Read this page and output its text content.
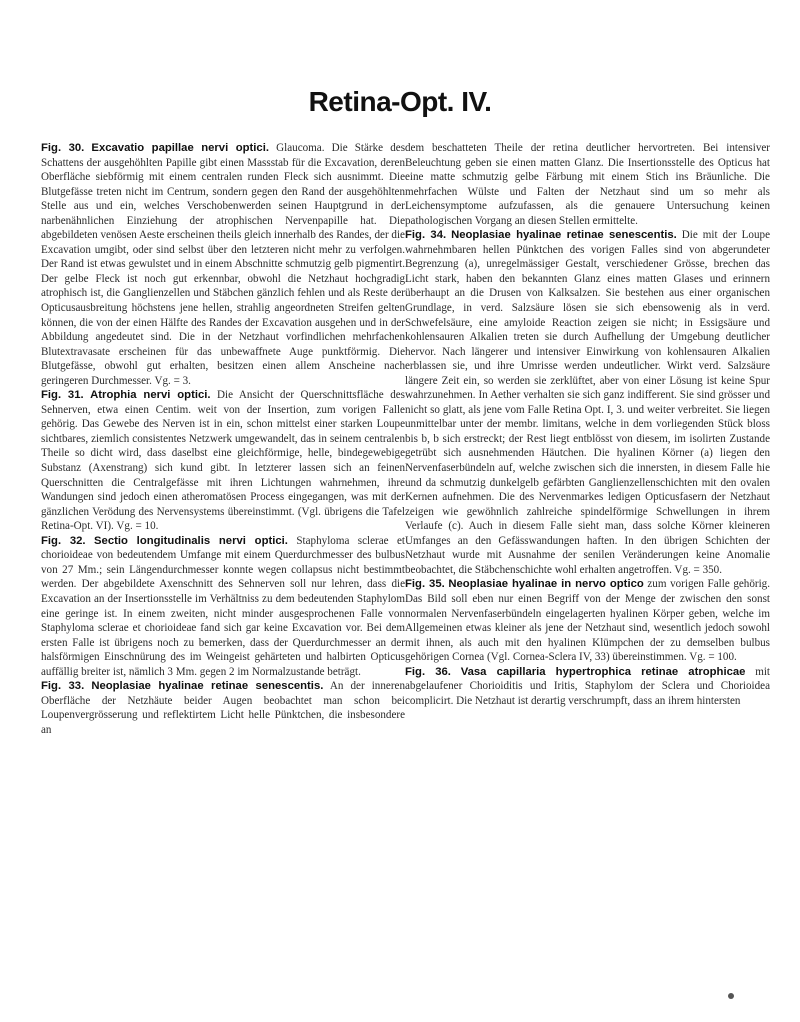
Retina-Opt. IV.

Fig. 30. Excavatio papillae nervi optici. Glaucoma. Die Stärke des Schattens der ausgehöhlten Papille gibt einen Massstab für die Excavation, deren Oberfläche siebförmig mit einem centralen runden Fleck sich ausnimmt. Die Blutgefässe treten nicht im Centrum, sondern gegen den Rand der ausgehöhlten Stelle aus und ein, welches Verschobenwerden seinen Hauptgrund in der narbenähnlichen Einziehung der atrophischen Nervenpapille hat. Die abgebildeten venösen Aeste erscheinen theils gleich innerhalb des Randes, der die Excavation umgibt, oder sind selbst über den letzteren nicht mehr zu verfolgen. Der Rand ist etwas gewulstet und in einem Abschnitte schmutzig gelb pigmentirt. Der gelbe Fleck ist noch gut erkennbar, obwohl die Netzhaut hochgradig atrophisch ist, die Ganglienzellen und Stäbchen gänzlich fehlen und als Reste der Opticusausbreitung höchstens jene hellen, strahlig angeordneten Streifen gelten können, die von der einen Hälfte des Randes der Excavation ausgehen und in der Abbildung angedeutet sind. Die in der Netzhaut vorfindlichen mehrfachen Blutextravasate erscheinen für das unbewaffnete Auge punktförmig. Die Blutgefässe, obwohl gut erhalten, besitzen einen allem Anscheine nach geringeren Durchmesser. Vg. = 3.

Fig. 31. Atrophia nervi optici. Die Ansicht der Querschnittsfläche des Sehnerven, etwa einen Centim. weit von der Insertion, zum vorigen Falle gehörig. Das Gewebe des Nerven ist in ein, schon mittelst einer starken Loupe sichtbares, ziemlich consistentes Netzwerk umgewandelt, das in seinem centralen Theile so dicht wird, dass daselbst eine gleichförmige, helle, bindegewebige Substanz (Axenstrang) sich kund gibt. In letzterer lassen sich an feinen Querschnitten die Centralgefässe mit ihren Lichtungen wahrnehmen, ihre Wandungen sind jedoch einen atheromatösen Process eingegangen, was mit der gänzlichen Verödung des Nervensystems übereinstimmt. (Vgl. übrigens die Tafel Retina-Opt. VI). Vg. = 10.

Fig. 32. Sectio longitudinalis nervi optici. Staphyloma sclerae et chorioideae von bedeutendem Umfange mit einem Querdurchmesser des bulbus von 27 Mm.; sein Längendurchmesser konnte wegen collapsus nicht bestimmt werden. Der abgebildete Axenschnitt des Sehnerven soll nur lehren, dass die Excavation an der Insertionsstelle im Verhältniss zu dem bedeutenden Staphylom eine geringe ist. In einem zweiten, nicht minder ausgesprochenen Falle von Staphyloma sclerae et chorioideae fand sich gar keine Excavation vor. Bei dem ersten Falle ist übrigens noch zu bemerken, dass der Querdurchmesser an der halsförmigen Einschnürung des im Weingeist gehärteten und halbirten Opticus auffällig breiter ist, nämlich 3 Mm. gegen 2 im Normalzustande beträgt.

Fig. 33. Neoplasiae hyalinae retinae senescentis. An der inneren Oberfläche der Netzhäute beider Augen beobachtet man schon bei Loupenvergrösserung und reflektirtem Licht helle Pünktchen, die insbesondere an

dem beschatteten Theile der retina deutlicher hervortreten. Bei intensiver Beleuchtung geben sie einen matten Glanz. Die Insertionsstelle des Opticus hat eine matte schmutzig gelbe Färbung mit einem Stich ins Bräunliche. Die mehrfachen Wülste und Falten der Netzhaut sind um so mehr als Leichensymptome aufzufassen, als die genauere Untersuchung keinen pathologischen Vorgang an diesen Stellen ermittelte.

Fig. 34. Neoplasiae hyalinae retinae senescentis. Die mit der Loupe wahrnehmbaren hellen Pünktchen des vorigen Falles sind von abgerundeter Begrenzung (a), unregelmässiger Gestalt, verschiedener Grösse, brechen das Licht stark, haben den bekannten Glanz eines matten Glases und erinnern überhaupt an die Drusen von Kalksalzen. Sie bestehen aus einer organischen Grundlage, in verd. Salzsäure lösen sie sich ebensowenig als in verd. Schwefelsäure, eine amyloide Reaction zeigen sie nicht; in Essigsäure und kohlensauren Alkalien treten sie durch Aufhellung der Umgebung deutlicher hervor. Nach längerer und intensiver Einwirkung von kohlensauren Alkalien erblassen sie, und ihre Umrisse werden undeutlicher. Wirkt verd. Salzsäure längere Zeit ein, so werden sie zerklüftet, aber von einer Lösung ist keine Spur wahrzunehmen. In Aether verhalten sie sich ganz indifferent. Sie sind grösser und nicht so glatt, als jene vom Falle Retina Opt. I, 3. und weiter verbreitet. Sie liegen unmittelbar unter der membr. limitans, welche in dem vorliegenden Stück bloss bis b, b sich erstreckt; der Rest liegt entblösst von diesem, im isolirten Zustande getrübt sich ausnehmenden Häutchen. Die hyalinen Körner (a) liegen den Nervenfaserbündeln auf, welche zwischen sich die innersten, in diesem Falle hie und da schmutzig dunkelgelb gefärbten Ganglienzellenschichten mit den ovalen Kernen aufnehmen. Die des Nervenmarkes ledigen Opticusfasern der Netzhaut zeigen wie gewöhnlich zahlreiche spindelförmige Schwellungen in ihrem Verlaufe (c). Auch in diesem Falle sieht man, dass solche Körner kleineren Umfanges an den Gefässwandungen haften. In den übrigen Schichten der Netzhaut wurde mit Ausnahme der senilen Veränderungen keine Anomalie beobachtet, die Stäbchenschichte wohl erhalten angetroffen. Vg. = 350.

Fig. 35. Neoplasiae hyalinae in nervo optico zum vorigen Falle gehörig. Das Bild soll eben nur einen Begriff von der Menge der zwischen den sonst normalen Nervenfaserbündeln eingelagerten hyalinen Körper geben, welche im Allgemeinen etwas kleiner als jene der Netzhaut sind, wesentlich jedoch sowohl mit ihnen, als auch mit den hyalinen Klümpchen der zu demselben bulbus gehörigen Cornea (Vgl. Cornea-Sclera IV, 33) übereinstimmen. Vg. = 100.

Fig. 36. Vasa capillaria hypertrophica retinae atrophicae mit abgelaufener Chorioiditis und Iritis, Staphylom der Sclera und Chorioidea complicirt. Die Netzhaut ist derartig verschrumpft, dass an ihrem hintersten
